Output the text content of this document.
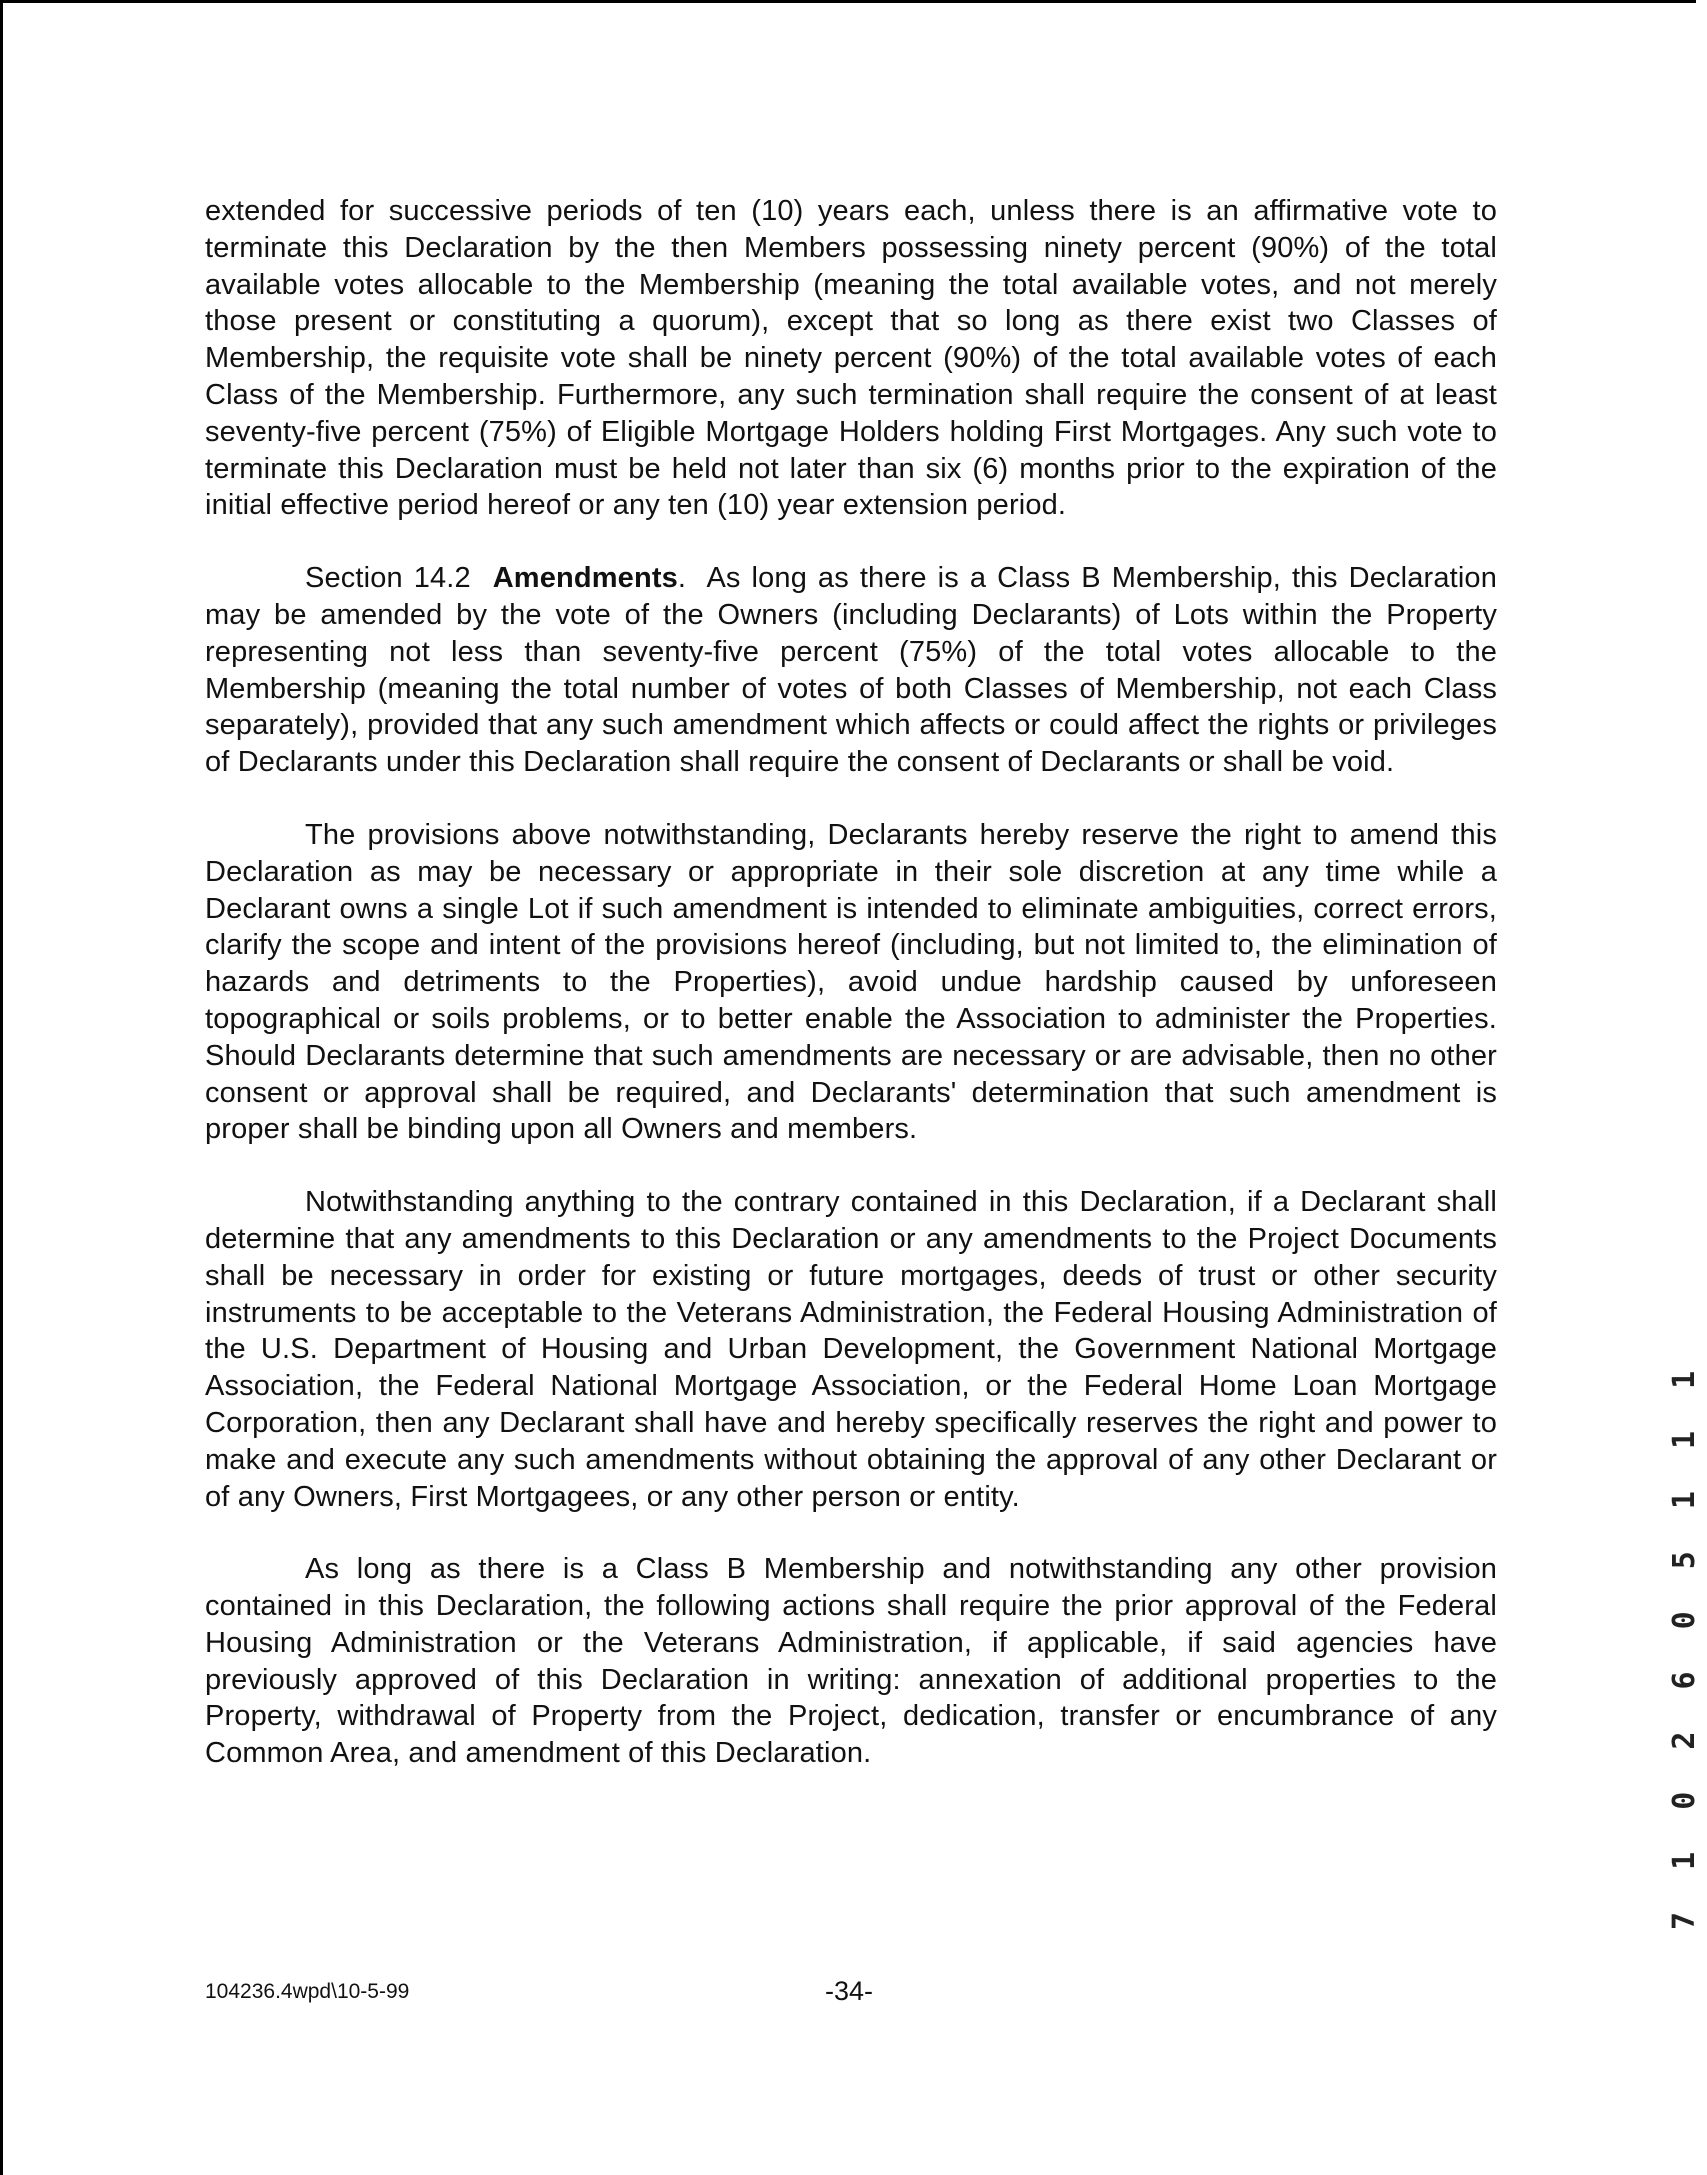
extended for successive periods of ten (10) years each, unless there is an affirmative vote to terminate this Declaration by the then Members possessing ninety percent (90%) of the total available votes allocable to the Membership (meaning the total available votes, and not merely those present or constituting a quorum), except that so long as there exist two Classes of Membership, the requisite vote shall be ninety percent (90%) of the total available votes of each Class of the Membership. Furthermore, any such termination shall require the consent of at least seventy-five percent (75%) of Eligible Mortgage Holders holding First Mortgages. Any such vote to terminate this Declaration must be held not later than six (6) months prior to the expiration of the initial effective period hereof or any ten (10) year extension period.

Section 14.2 Amendments.  As long as there is a Class B Membership, this Declaration may be amended by the vote of the Owners (including Declarants) of Lots within the Property representing not less than seventy-five percent (75%) of the total votes allocable to the Membership (meaning the total number of votes of both Classes of Membership, not each Class separately), provided that any such amendment which affects or could affect the rights or privileges of Declarants under this Declaration shall require the consent of Declarants or shall be void.

The provisions above notwithstanding, Declarants hereby reserve the right to amend this Declaration as may be necessary or appropriate in their sole discretion at any time while a Declarant owns a single Lot if such amendment is intended to eliminate ambiguities, correct errors, clarify the scope and intent of the provisions hereof (including, but not limited to, the elimination of hazards and detriments to the Properties), avoid undue hardship caused by unforeseen topographical or soils problems, or to better enable the Association to administer the Properties. Should Declarants determine that such amendments are necessary or are advisable, then no other consent or approval shall be required, and Declarants' determination that such amendment is proper shall be binding upon all Owners and members.

Notwithstanding anything to the contrary contained in this Declaration, if a Declarant shall determine that any amendments to this Declaration or any amendments to the Project Documents shall be necessary in order for existing or future mortgages, deeds of trust or other security instruments to be acceptable to the Veterans Administration, the Federal Housing Administration of the U.S. Department of Housing and Urban Development, the Government National Mortgage Association, the Federal National Mortgage Association, or the Federal Home Loan Mortgage Corporation, then any Declarant shall have and hereby specifically reserves the right and power to make and execute any such amendments without obtaining the approval of any other Declarant or of any Owners, First Mortgagees, or any other person or entity.

As long as there is a Class B Membership and notwithstanding any other provision contained in this Declaration, the following actions shall require the prior approval of the Federal Housing Administration or the Veterans Administration, if applicable, if said agencies have previously approved of this Declaration in writing: annexation of additional properties to the Property, withdrawal of Property from the Project, dedication, transfer or encumbrance of any Common Area, and amendment of this Declaration.

104236.4wpd\10-5-99	-34-
7 1 0 2 6 0 5 1 1 1
